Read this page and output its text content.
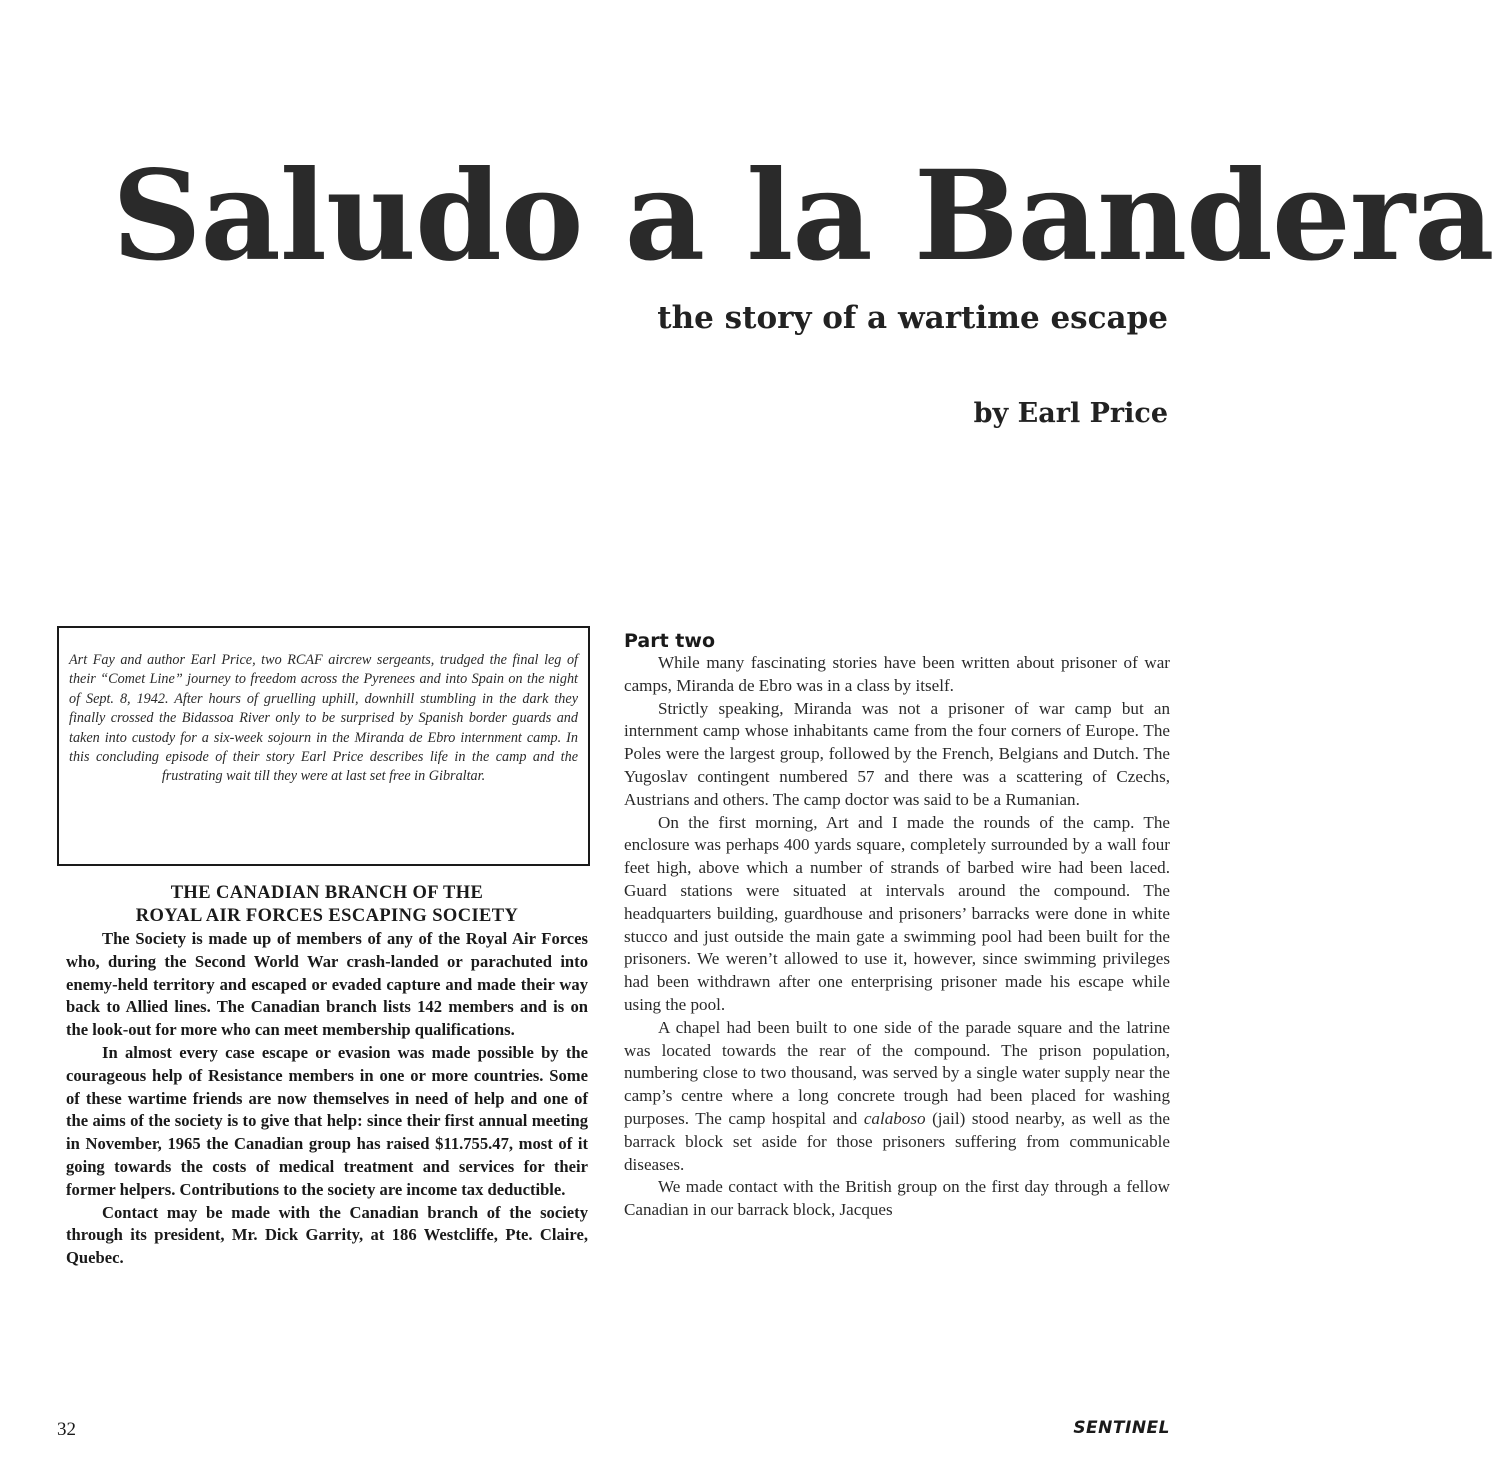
Saludo a la Bandera
the story of a wartime escape
by Earl Price

Art Fay and author Earl Price, two RCAF aircrew sergeants, trudged the final leg of their “Comet Line” journey to freedom across the Pyrenees and into Spain on the night of Sept. 8, 1942. After hours of gruelling uphill, downhill stumbling in the dark they finally crossed the Bidassoa River only to be surprised by Spanish border guards and taken into custody for a six-week sojourn in the Miranda de Ebro internment camp. In this concluding episode of their story Earl Price describes life in the camp and the frustrating wait till they were at last set free in Gibraltar.

THE CANADIAN BRANCH OF THE
ROYAL AIR FORCES ESCAPING SOCIETY

The Society is made up of members of any of the Royal Air Forces who, during the Second World War crash-landed or parachuted into enemy-held territory and escaped or evaded capture and made their way back to Allied lines. The Canadian branch lists 142 members and is on the look-out for more who can meet membership qualifications.

In almost every case escape or evasion was made possible by the courageous help of Resistance members in one or more countries. Some of these wartime friends are now themselves in need of help and one of the aims of the society is to give that help: since their first annual meeting in November, 1965 the Canadian group has raised $11.755.47, most of it going towards the costs of medical treatment and services for their former helpers. Contributions to the society are income tax deductible.

Contact may be made with the Canadian branch of the society through its president, Mr. Dick Garrity, at 186 Westcliffe, Pte. Claire, Quebec.

Part two

While many fascinating stories have been written about prisoner of war camps, Miranda de Ebro was in a class by itself.

Strictly speaking, Miranda was not a prisoner of war camp but an internment camp whose inhabitants came from the four corners of Europe. The Poles were the largest group, followed by the French, Belgians and Dutch. The Yugoslav contingent numbered 57 and there was a scattering of Czechs, Austrians and others. The camp doctor was said to be a Rumanian.

On the first morning, Art and I made the rounds of the camp. The enclosure was perhaps 400 yards square, completely surrounded by a wall four feet high, above which a number of strands of barbed wire had been laced. Guard stations were situated at intervals around the compound. The headquarters building, guardhouse and prisoners’ barracks were done in white stucco and just outside the main gate a swimming pool had been built for the prisoners. We weren’t allowed to use it, however, since swimming privileges had been withdrawn after one enterprising prisoner made his escape while using the pool.

A chapel had been built to one side of the parade square and the latrine was located towards the rear of the compound. The prison population, numbering close to two thousand, was served by a single water supply near the camp’s centre where a long concrete trough had been placed for washing purposes. The camp hospital and calaboso (jail) stood nearby, as well as the barrack block set aside for those prisoners suffering from communicable diseases.

We made contact with the British group on the first day through a fellow Canadian in our barrack block, Jacques

32	SENTINEL
